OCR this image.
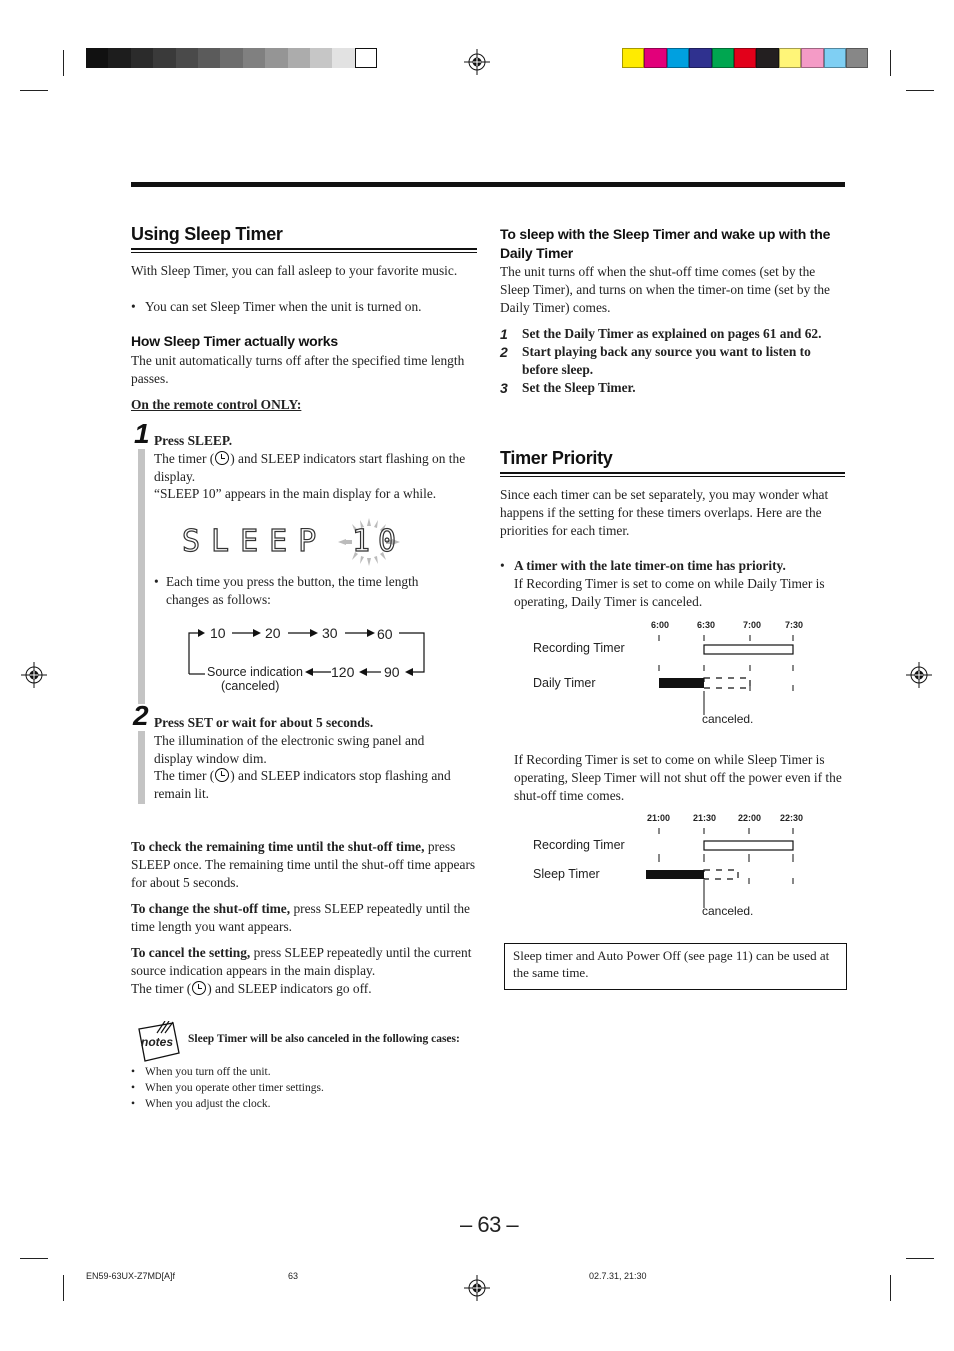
Using Sleep Timer
With Sleep Timer, you can fall asleep to your favorite music.
• You can set Sleep Timer when the unit is turned on.
How Sleep Timer actually works
The unit automatically turns off after the specified time length passes.
On the remote control ONLY:
1 Press SLEEP.
The timer ( ) and SLEEP indicators start flashing on the display.
“SLEEP 10” appears in the main display for a while.
SLEEP 10
• Each time you press the button, the time length changes as follows:
10	20	30	60
90
120
Source indication
(canceled)
2 Press SET or wait for about 5 seconds.
The illumination of the electronic swing panel and display window dim.
The timer ( ) and SLEEP indicators stop flashing and remain lit.
To check the remaining time until the shut-off time, press SLEEP once. The remaining time until the shut-off time appears for about 5 seconds.
To change the shut-off time, press SLEEP repeatedly until the time length you want appears.
To cancel the setting, press SLEEP repeatedly until the current source indication appears in the main display.
The timer ( ) and SLEEP indicators go off.
notes Sleep Timer will be also canceled in the following cases:
• When you turn off the unit.
• When you operate other timer settings.
• When you adjust the clock.
To sleep with the Sleep Timer and wake up with the Daily Timer
The unit turns off when the shut-off time comes (set by the Sleep Timer), and turns on when the timer-on time (set by the Daily Timer) comes.
1 Set the Daily Timer as explained on pages 61 and 62.
2 Start playing back any source you want to listen to before sleep.
3 Set the Sleep Timer.
Timer Priority
Since each timer can be set separately, you may wonder what happens if the setting for these timers overlaps. Here are the priorities for each timer.
• A timer with the late timer-on time has priority.
If Recording Timer is set to come on while Daily Timer is operating, Daily Timer is canceled.
6:00	6:30	7:00	7:30
Recording Timer
Daily Timer
canceled.
If Recording Timer is set to come on while Sleep Timer is operating, Sleep Timer will not shut off the power even if the shut-off time comes.
21:00	21:30 22:00 22:30
Recording Timer
Sleep Timer
canceled.
Sleep timer and Auto Power Off (see page 11) can be used at the same time.
– 63 –
EN59-63UX-Z7MD[A]f	63	02.7.31, 21:30
